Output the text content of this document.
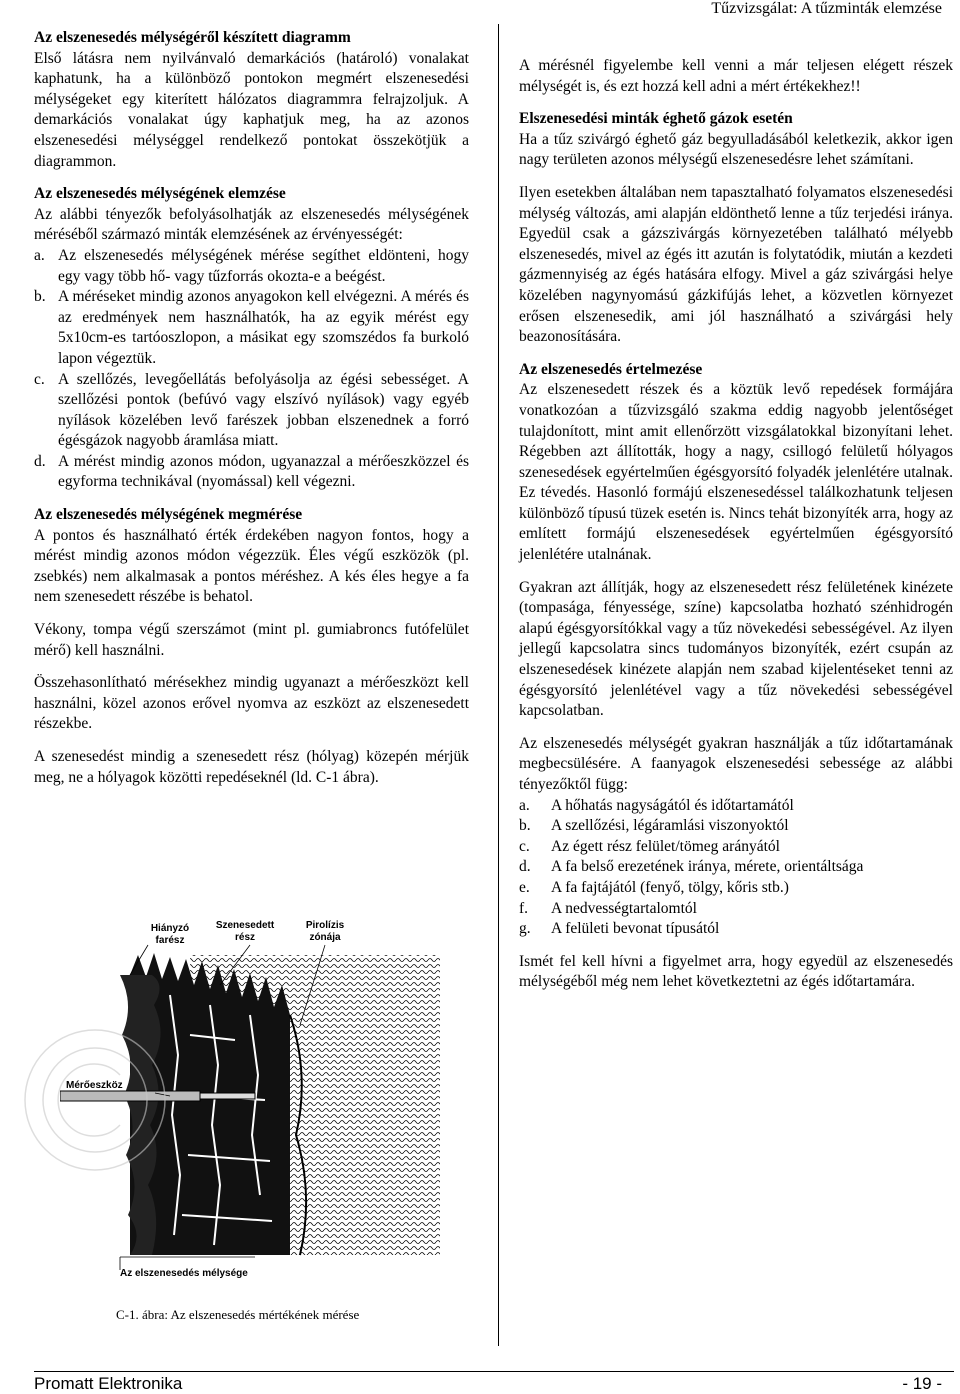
Tűzvizsgálat: A tűzminták elemzése
Az elszenesedés mélységéről készített diagramm

Első látásra nem nyilvánvaló demarkációs (határoló) vonalakat kaphatunk, ha a különböző pontokon megmért elszenesedési mélységeket egy kiterített hálózatos diagrammra felrajzoljuk. A demarkációs vonalakat úgy kaphatjuk meg, ha az azonos elszenesedési mélységgel rendelkező pontokat összekötjük a diagrammon.

Az elszenesedés mélységének elemzése

Az alábbi tényezők befolyásolhatják az elszenesedés mélységének méréséből származó minták elemzésének az érvényességét:

a. Az elszenesedés mélységének mérése segíthet eldönteni, hogy egy vagy több hő- vagy tűzforrás okozta-e a beégést.
b. A méréseket mindig azonos anyagokon kell elvégezni. A mérés és az eredmények nem használhatók, ha az egyik mérést egy 5x10cm-es tartóoszlopon, a másikat egy szomszédos fa burkoló lapon végeztük.
c. A szellőzés, levegőellátás befolyásolja az égési sebességet. A szellőzési pontok (befúvó vagy elszívó nyílások) vagy egyéb nyílások közelében levő farészek jobban elszenednek a forró égésgázok nagyobb áramlása miatt.
d. A mérést mindig azonos módon, ugyanazzal a mérőeszközzel és egyforma technikával (nyomással) kell végezni.
Az elszenesedés mélységének megmérése

A pontos és használható érték érdekében nagyon fontos, hogy a mérést mindig azonos módon végezzük. Éles végű eszközök (pl. zsebkés) nem alkalmasak a pontos méréshez. A kés éles hegye a fa nem szenesedett részébe is behatol.

Vékony, tompa végű szerszámot (mint pl. gumiabroncs futófelület mérő) kell használni.

Összehasonlítható mérésekhez mindig ugyanazt a mérőeszközt kell használni, közel azonos erővel nyomva az eszközt az elszenesedett részekbe.

A szenesedést mindig a szenesedett rész (hólyag) közepén mérjük meg, ne a hólyagok közötti repedéseknél (ld. C-1 ábra).

Hiányzó farész
Szenesedett rész
Pirolízis zónája
Mérőeszköz
Az elszenesedés mélysége
C-1. ábra: Az elszenesedés mértékének mérése

A mérésnél figyelembe kell venni a már teljesen elégett részek mélységét is, és ezt hozzá kell adni a mért értékekhez!!

Elszenesedési minták éghető gázok esetén

Ha a tűz szivárgó éghető gáz begyulladásából keletkezik, akkor igen nagy területen azonos mélységű elszenesedésre lehet számítani.

Ilyen esetekben általában nem tapasztalható folyamatos elszenesedési mélység változás, ami alapján eldönthető lenne a tűz terjedési iránya. Egyedül csak a gázszivárgás környezetében található mélyebb elszenesedés, mivel az égés itt azután is folytatódik, miután a kezdeti gázmennyiség az égés hatására elfogy. Mivel a gáz szivárgási helye közelében nagynyomású gázkifújás lehet, a közvetlen környezet erősen elszenesedik, ami jól használható a szivárgási hely beazonosítására.

Az elszenesedés értelmezése

Az elszenesedett részek és a köztük levő repedések formájára vonatkozóan a tűzvizsgáló szakma eddig nagyobb jelentőséget tulajdonított, mint amit ellenőrzött vizsgálatokkal bizonyítani lehet. Régebben azt állították, hogy a nagy, csillogó felületű hólyagos szenesedések egyértelműen égésgyorsító folyadék jelenlétére utalnak. Ez tévedés. Hasonló formájú elszenesedéssel találkozhatunk teljesen különböző típusú tüzek esetén is. Nincs tehát bizonyíték arra, hogy az említett formájú elszenesedések egyértelműen égésgyorsító jelenlétére utalnának.

Gyakran azt állítják, hogy az elszenesedett rész felületének kinézete (tompasága, fényessége, színe) kapcsolatba hozható szénhidrogén alapú égésgyorsítókkal vagy a tűz növekedési sebességével. Az ilyen jellegű kapcsolatra sincs tudományos bizonyíték, ezért csupán az elszenesedések kinézete alapján nem szabad kijelentéseket tenni az égésgyorsító jelenlétével vagy a tűz növekedési sebességével kapcsolatban.

Az elszenesedés mélységét gyakran használják a tűz időtartamának megbecsülésére. A faanyagok elszenesedési sebessége az alábbi tényezőktől függ:

a.	A hőhatás nagyságától és időtartamától
b.	A szellőzési, légáramlási viszonyoktól
c.	Az égett rész felület/tömeg arányától
d.	A fa belső erezetének iránya, mérete, orientáltsága
e.	A fa fajtájától (fenyő, tölgy, kőris stb.)
f.	A nedvességtartalomtól
g.	A felületi bevonat típusától

Ismét fel kell hívni a figyelmet arra, hogy egyedül az elszenesedés mélységéből még nem lehet következtetni az égés időtartamára.

Promatt Elektronika	- 19 -
